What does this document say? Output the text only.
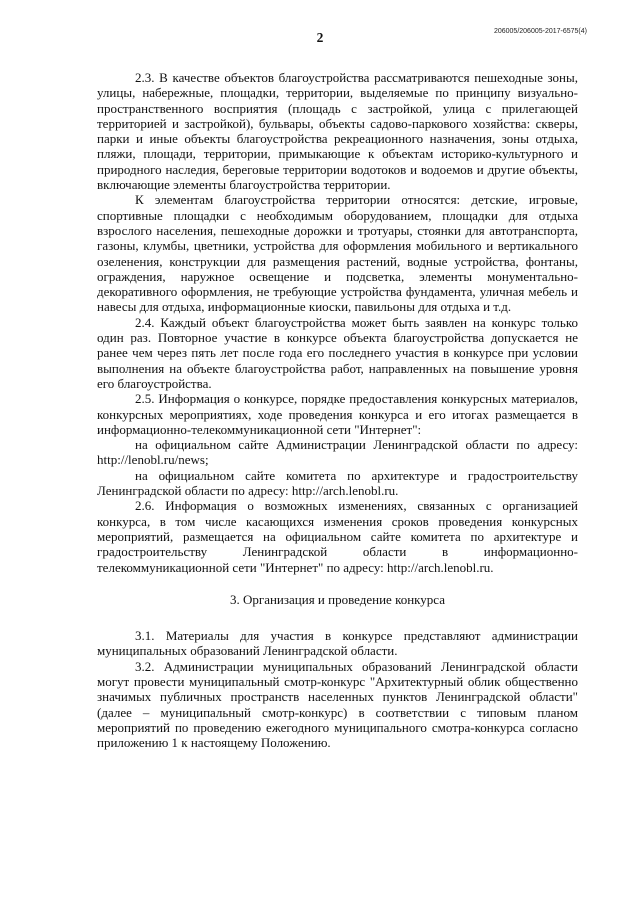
206005/206005-2017-6575(4)
2

2.3. В качестве объектов благоустройства рассматриваются пешеходные зоны, улицы, набережные, площадки, территории, выделяемые по принципу визуально-пространственного восприятия (площадь с застройкой, улица с прилегающей территорией и застройкой), бульвары, объекты садово-паркового хозяйства: скверы, парки и иные объекты благоустройства рекреационного назначения, зоны отдыха, пляжи, площади, территории, примыкающие к объектам историко-культурного и природного наследия, береговые территории водотоков и водоемов и другие объекты, включающие элементы благоустройства территории.

К элементам благоустройства территории относятся: детские, игровые, спортивные площадки с необходимым оборудованием, площадки для отдыха взрослого населения, пешеходные дорожки и тротуары, стоянки для автотранспорта, газоны, клумбы, цветники, устройства для оформления мобильного и вертикального озеленения, конструкции для размещения растений, водные устройства, фонтаны, ограждения, наружное освещение и подсветка, элементы монументально-декоративного оформления, не требующие устройства фундамента, уличная мебель и навесы для отдыха, информационные киоски, павильоны для отдыха и т.д.

2.4. Каждый объект благоустройства может быть заявлен на конкурс только один раз. Повторное участие в конкурсе объекта благоустройства допускается не ранее чем через пять лет после года его последнего участия в конкурсе при условии выполнения на объекте благоустройства работ, направленных на повышение уровня его благоустройства.

2.5. Информация о конкурсе, порядке предоставления конкурсных материалов, конкурсных мероприятиях, ходе проведения конкурса и его итогах размещается в информационно-телекоммуникационной сети "Интернет":

на официальном сайте Администрации Ленинградской области по адресу: http://lenobl.ru/news;

на официальном сайте комитета по архитектуре и градостроительству Ленинградской области по адресу: http://arch.lenobl.ru.

2.6. Информация о возможных изменениях, связанных с организацией конкурса, в том числе касающихся изменения сроков проведения конкурсных мероприятий, размещается на официальном сайте комитета по архитектуре и градостроительству Ленинградской области в информационно-телекоммуникационной сети "Интернет" по адресу: http://arch.lenobl.ru.

3. Организация и проведение конкурса

3.1. Материалы для участия в конкурсе представляют администрации муниципальных образований Ленинградской области.

3.2. Администрации муниципальных образований Ленинградской области могут провести муниципальный смотр-конкурс "Архитектурный облик общественно значимых публичных пространств населенных пунктов Ленинградской области" (далее – муниципальный смотр-конкурс) в соответствии с типовым планом мероприятий по проведению ежегодного муниципального смотра-конкурса согласно приложению 1 к настоящему Положению.
